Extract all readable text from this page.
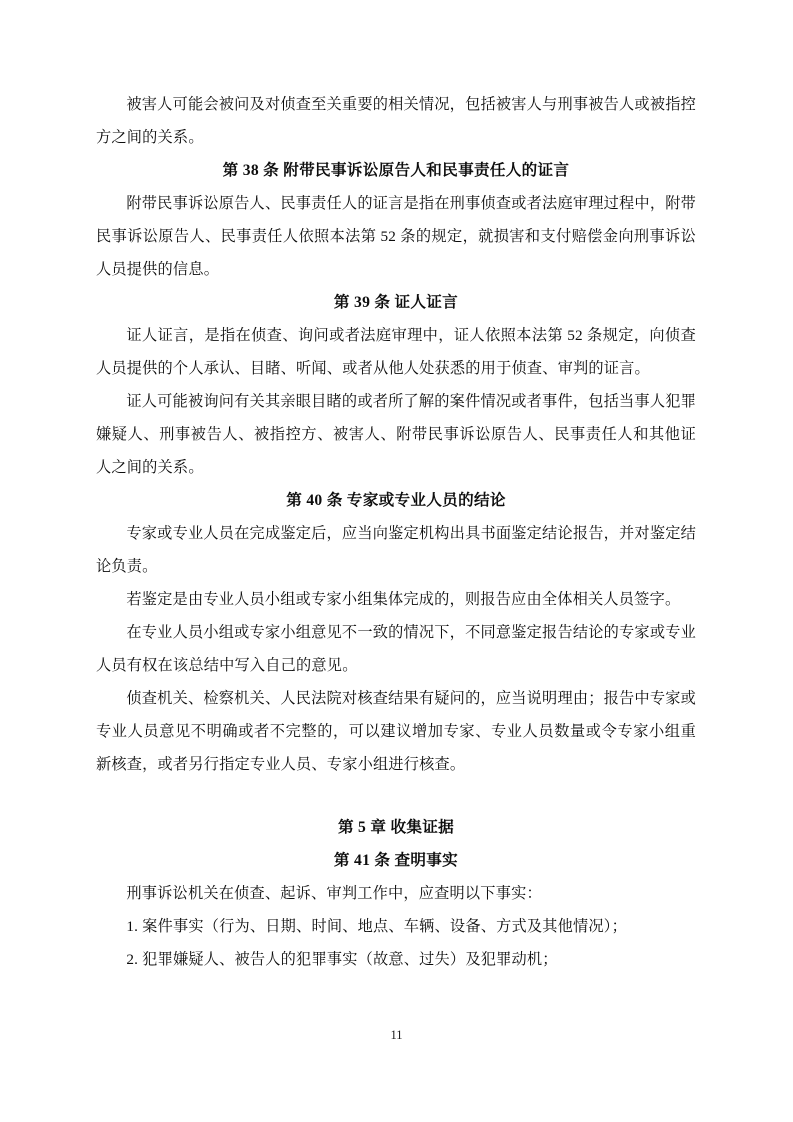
被害人可能会被问及对侦查至关重要的相关情况，包括被害人与刑事被告人或被指控方之间的关系。

第 38 条 附带民事诉讼原告人和民事责任人的证言

附带民事诉讼原告人、民事责任人的证言是指在刑事侦查或者法庭审理过程中，附带民事诉讼原告人、民事责任人依照本法第 52 条的规定，就损害和支付赔偿金向刑事诉讼人员提供的信息。

第 39 条 证人证言

证人证言，是指在侦查、询问或者法庭审理中，证人依照本法第 52 条规定，向侦查人员提供的个人承认、目睹、听闻、或者从他人处获悉的用于侦查、审判的证言。

证人可能被询问有关其亲眼目睹的或者所了解的案件情况或者事件，包括当事人犯罪嫌疑人、刑事被告人、被指控方、被害人、附带民事诉讼原告人、民事责任人和其他证人之间的关系。

第 40 条 专家或专业人员的结论

专家或专业人员在完成鉴定后，应当向鉴定机构出具书面鉴定结论报告，并对鉴定结论负责。

若鉴定是由专业人员小组或专家小组集体完成的，则报告应由全体相关人员签字。

在专业人员小组或专家小组意见不一致的情况下，不同意鉴定报告结论的专家或专业人员有权在该总结中写入自己的意见。

侦查机关、检察机关、人民法院对核查结果有疑问的，应当说明理由；报告中专家或专业人员意见不明确或者不完整的，可以建议增加专家、专业人员数量或令专家小组重新核查，或者另行指定专业人员、专家小组进行核查。

第 5 章 收集证据

第 41 条 查明事实

刑事诉讼机关在侦查、起诉、审判工作中，应查明以下事实：

1. 案件事实（行为、日期、时间、地点、车辆、设备、方式及其他情况）；

2. 犯罪嫌疑人、被告人的犯罪事实（故意、过失）及犯罪动机；

11
